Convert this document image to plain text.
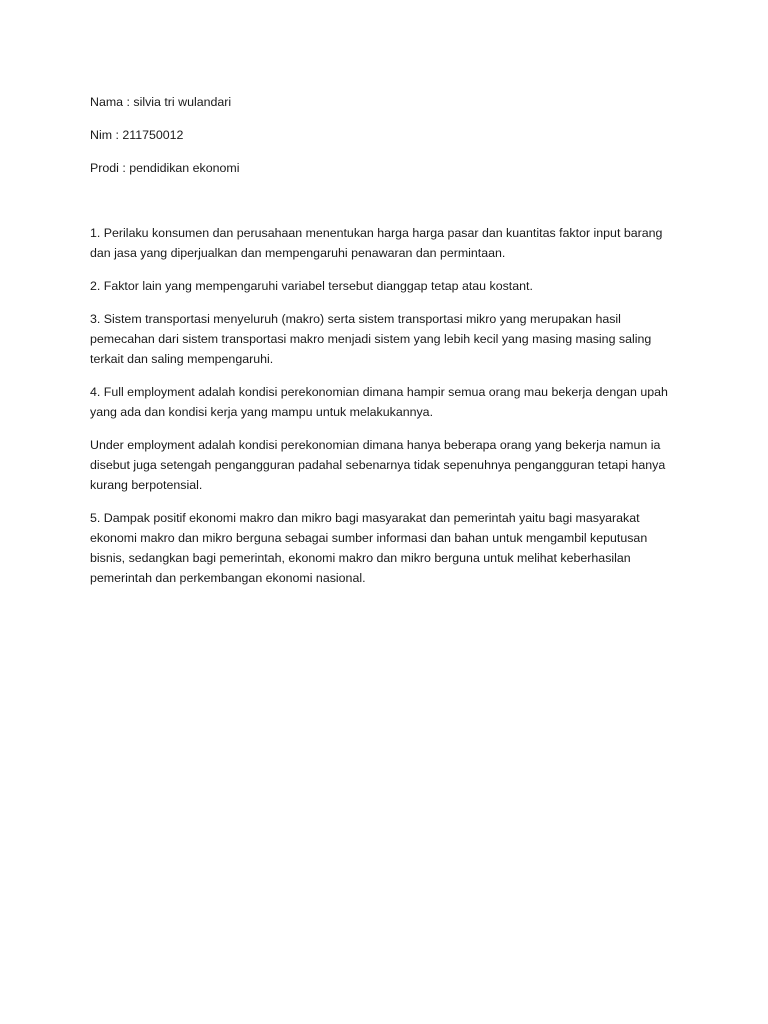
Nama : silvia tri wulandari
Nim : 211750012
Prodi : pendidikan ekonomi

1. Perilaku konsumen dan perusahaan menentukan harga harga pasar dan kuantitas faktor input barang dan jasa yang diperjualkan dan mempengaruhi penawaran dan permintaan.

2. Faktor lain yang mempengaruhi variabel tersebut dianggap tetap atau kostant.

3. Sistem transportasi menyeluruh (makro) serta sistem transportasi mikro yang merupakan hasil pemecahan dari sistem transportasi makro menjadi sistem yang lebih kecil yang masing masing saling terkait dan saling mempengaruhi.

4. Full employment adalah kondisi perekonomian dimana hampir semua orang mau bekerja dengan upah yang ada dan kondisi kerja yang mampu untuk melakukannya.

Under employment adalah kondisi perekonomian dimana hanya beberapa orang yang bekerja namun ia disebut juga setengah pengangguran padahal sebenarnya tidak sepenuhnya pengangguran tetapi hanya kurang berpotensial.

5. Dampak positif ekonomi makro dan mikro bagi masyarakat dan pemerintah yaitu bagi masyarakat ekonomi makro dan mikro berguna sebagai sumber informasi dan bahan untuk mengambil keputusan bisnis, sedangkan bagi pemerintah, ekonomi makro dan mikro berguna untuk melihat keberhasilan pemerintah dan perkembangan ekonomi nasional.
